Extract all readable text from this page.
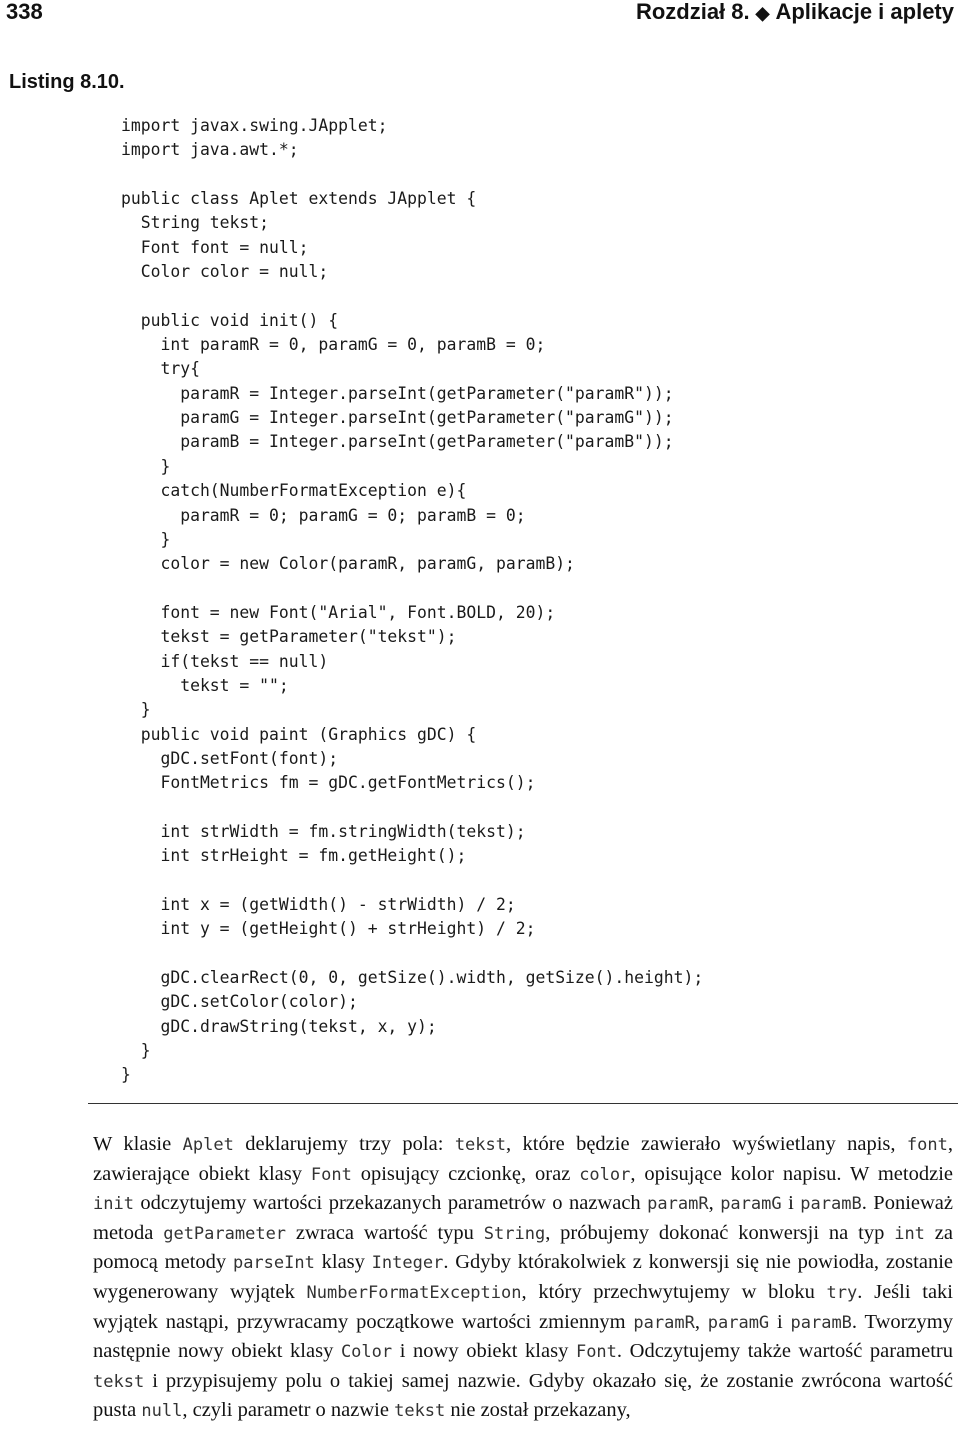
338	Rozdział 8. ◆ Aplikacje i aplety
Listing 8.10.
import javax.swing.JApplet;
import java.awt.*;
public class Aplet extends JApplet {
String tekst;
Font font = null;
Color color = null;
public void init() {
int paramR = 0, paramG = 0, paramB = 0;
try{
paramR = Integer.parseInt(getParameter("paramR"));
paramG = Integer.parseInt(getParameter("paramG"));
paramB = Integer.parseInt(getParameter("paramB"));
}
catch(NumberFormatException e){
paramR = 0; paramG = 0; paramB = 0;
}
color = new Color(paramR, paramG, paramB);
font = new Font("Arial", Font.BOLD, 20);
tekst = getParameter("tekst");
if(tekst == null)
tekst = "";
}
public void paint (Graphics gDC) {
gDC.setFont(font);
FontMetrics fm = gDC.getFontMetrics();
int strWidth = fm.stringWidth(tekst);
int strHeight = fm.getHeight();
int x = (getWidth() - strWidth) / 2;
int y = (getHeight() + strHeight) / 2;
gDC.clearRect(0, 0, getSize().width, getSize().height);
gDC.setColor(color);
gDC.drawString(tekst, x, y);
}
}

W klasie Aplet deklarujemy trzy pola: tekst, które będzie zawierało wyświetlany napis, font, zawierające obiekt klasy Font opisujący czcionkę, oraz color, opisujące kolor napisu. W metodzie init odczytujemy wartości przekazanych parametrów o nazwach paramR, paramG i paramB. Ponieważ metoda getParameter zwraca wartość typu String, próbujemy dokonać konwersji na typ int za pomocą metody parseInt klasy Integer. Gdyby którakolwiek z konwersji się nie powiodła, zostanie wygenerowany wyjątek NumberFormatException, który przechwytujemy w bloku try. Jeśli taki wyjątek nastąpi, przywracamy początkowe wartości zmiennym paramR, paramG i paramB. Tworzymy następnie nowy obiekt klasy Color i nowy obiekt klasy Font. Odczytujemy także wartość parametru tekst i przypisujemy polu o takiej samej nazwie. Gdyby okazało się, że zostanie zwrócona wartość pusta null, czyli parametr o nazwie tekst nie został przekazany,
